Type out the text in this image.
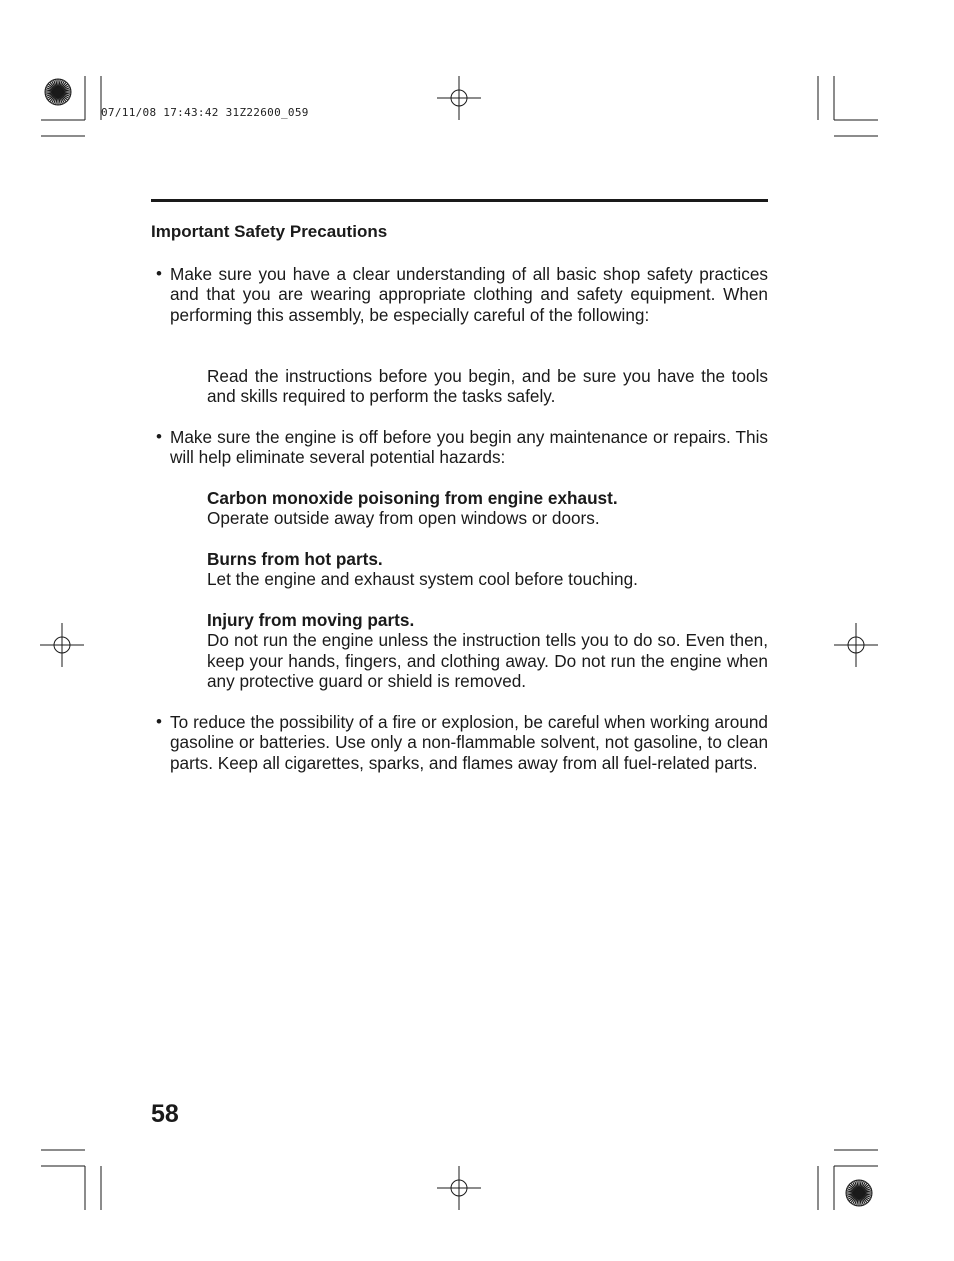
07/11/08 17:43:42 31Z22600_059
Important Safety Precautions
• Make sure you have a clear understanding of all basic shop safety practices and that you are wearing appropriate clothing and safety equipment. When performing this assembly, be especially careful of the following:

Read the instructions before you begin, and be sure you have the tools and skills required to perform the tasks safely.

• Make sure the engine is off before you begin any maintenance or repairs. This will help eliminate several potential hazards:

Carbon monoxide poisoning from engine exhaust.

Operate outside away from open windows or doors.

Burns from hot parts.

Let the engine and exhaust system cool before touching.

Injury from moving parts.

Do not run the engine unless the instruction tells you to do so. Even then, keep your hands, fingers, and clothing away. Do not run the engine when any protective guard or shield is removed.

• To reduce the possibility of a fire or explosion, be careful when working around gasoline or batteries. Use only a non-flammable solvent, not gasoline, to clean parts. Keep all cigarettes, sparks, and flames away from all fuel-related parts.

58
